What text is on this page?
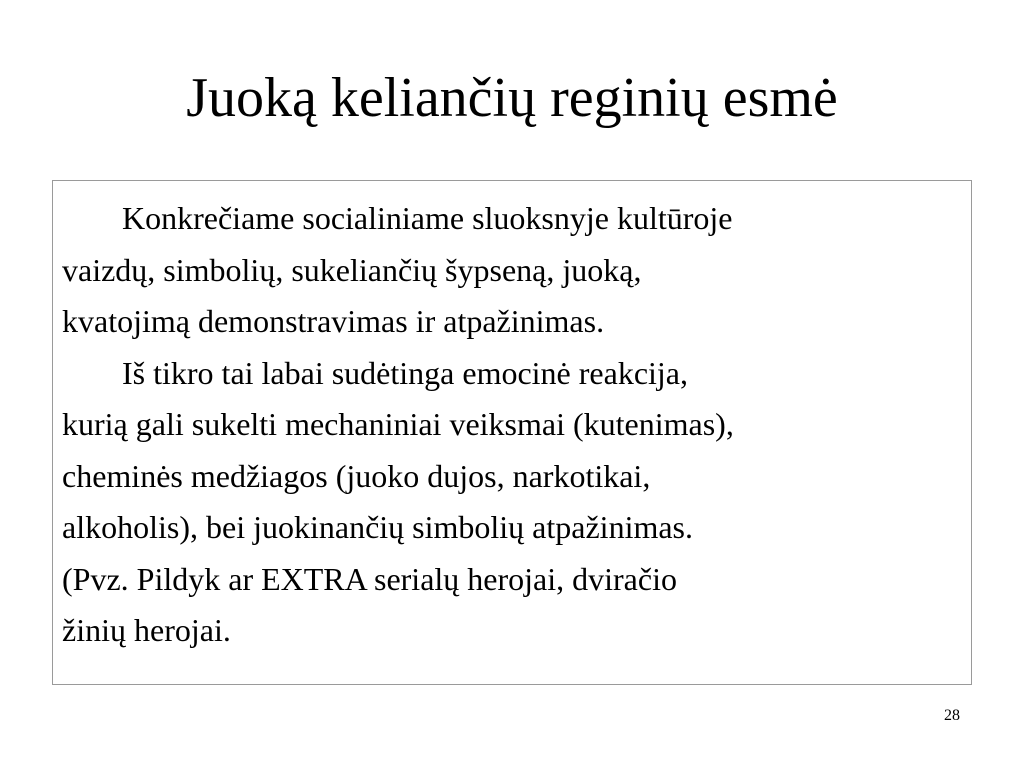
Juoką keliančių reginių esmė

Konkrečiame socialiniame sluoksnyje kultūroje
vaizdų, simbolių, sukeliančių šypseną, juoką,
kvatojimą demonstravimas ir atpažinimas.

Iš tikro tai labai sudėtinga emocinė reakcija,
kurią gali sukelti mechaniniai veiksmai (kutenimas),
cheminės medžiagos (juoko dujos, narkotikai,
alkoholis), bei juokinančių simbolių atpažinimas.
(Pvz. Pildyk ar EXTRA serialų herojai, dviračio
žinių herojai.

28
